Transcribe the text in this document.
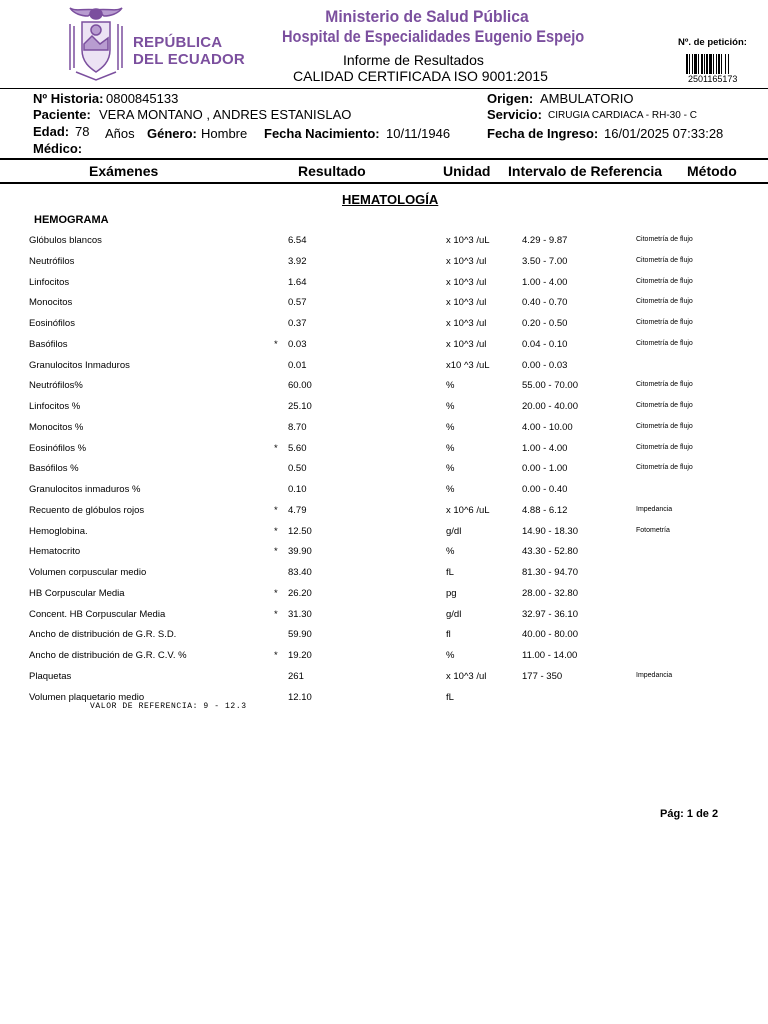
REPÚBLICA
DEL ECUADOR
Ministerio de Salud Pública
Hospital de Especialidades Eugenio Espejo
Informe de Resultados
CALIDAD CERTIFICADA ISO 9001:2015
Nº. de petición:
2501165173
Nº Historia: 0800845133
Paciente: VERA MONTANO , ANDRES ESTANISLAO
Edad: 78 Años Género: Hombre Fecha Nacimiento: 10/11/1946
Médico:
Origen: AMBULATORIO
Servicio: CIRUGIA CARDIACA - RH-30 - C
Fecha de Ingreso: 16/01/2025 07:33:28
Exámenes	Resultado	Unidad Intervalo de Referencia Método
HEMATOLOGÍA
HEMOGRAMA
Glóbulos blancos	6.54	x 10^3 /uL	4.29 - 9.87	Citometría de flujo
Neutrófilos	3.92	x 10^3 /ul	3.50 - 7.00	Citometría de flujo
Linfocitos	1.64	x 10^3 /ul	1.00 - 4.00	Citometría de flujo
Monocitos	0.57	x 10^3 /ul	0.40 - 0.70	Citometría de flujo
Eosinófilos	0.37	x 10^3 /ul	0.20 - 0.50	Citometría de flujo
Basófilos	* 0.03	x 10^3 /ul	0.04 - 0.10	Citometría de flujo
Granulocitos Inmaduros	0.01	x10 ^3 /uL	0.00 - 0.03
Neutrófilos%	60.00	%	55.00 - 70.00	Citometría de flujo
Linfocitos %	25.10	%	20.00 - 40.00	Citometría de flujo
Monocitos %	8.70	%	4.00 - 10.00	Citometría de flujo
Eosinófilos %	* 5.60	%	1.00 - 4.00	Citometría de flujo
Basófilos %	0.50	%	0.00 - 1.00	Citometría de flujo
Granulocitos inmaduros %	0.10	%	0.00 - 0.40
Recuento de glóbulos rojos	* 4.79	x 10^6 /uL	4.88 - 6.12	Impedancia
Hemoglobina.	* 12.50	g/dl	14.90 - 18.30	Fotometría
Hematocrito	* 39.90	%	43.30 - 52.80
Volumen corpuscular medio	83.40	fL	81.30 - 94.70
HB Corpuscular Media	* 26.20	pg	28.00 - 32.80
Concent. HB Corpuscular Media	* 31.30	g/dl	32.97 - 36.10
Ancho de distribución de G.R. S.D.	59.90	fl	40.00 - 80.00
Ancho de distribución de G.R. C.V. %	* 19.20	%	11.00 - 14.00
Plaquetas	261	x 10^3 /ul	177 - 350	Impedancia
Volumen plaquetario medio	12.10	fL
VALOR DE REFERENCIA: 9 - 12.3
Pág: 1 de 2
